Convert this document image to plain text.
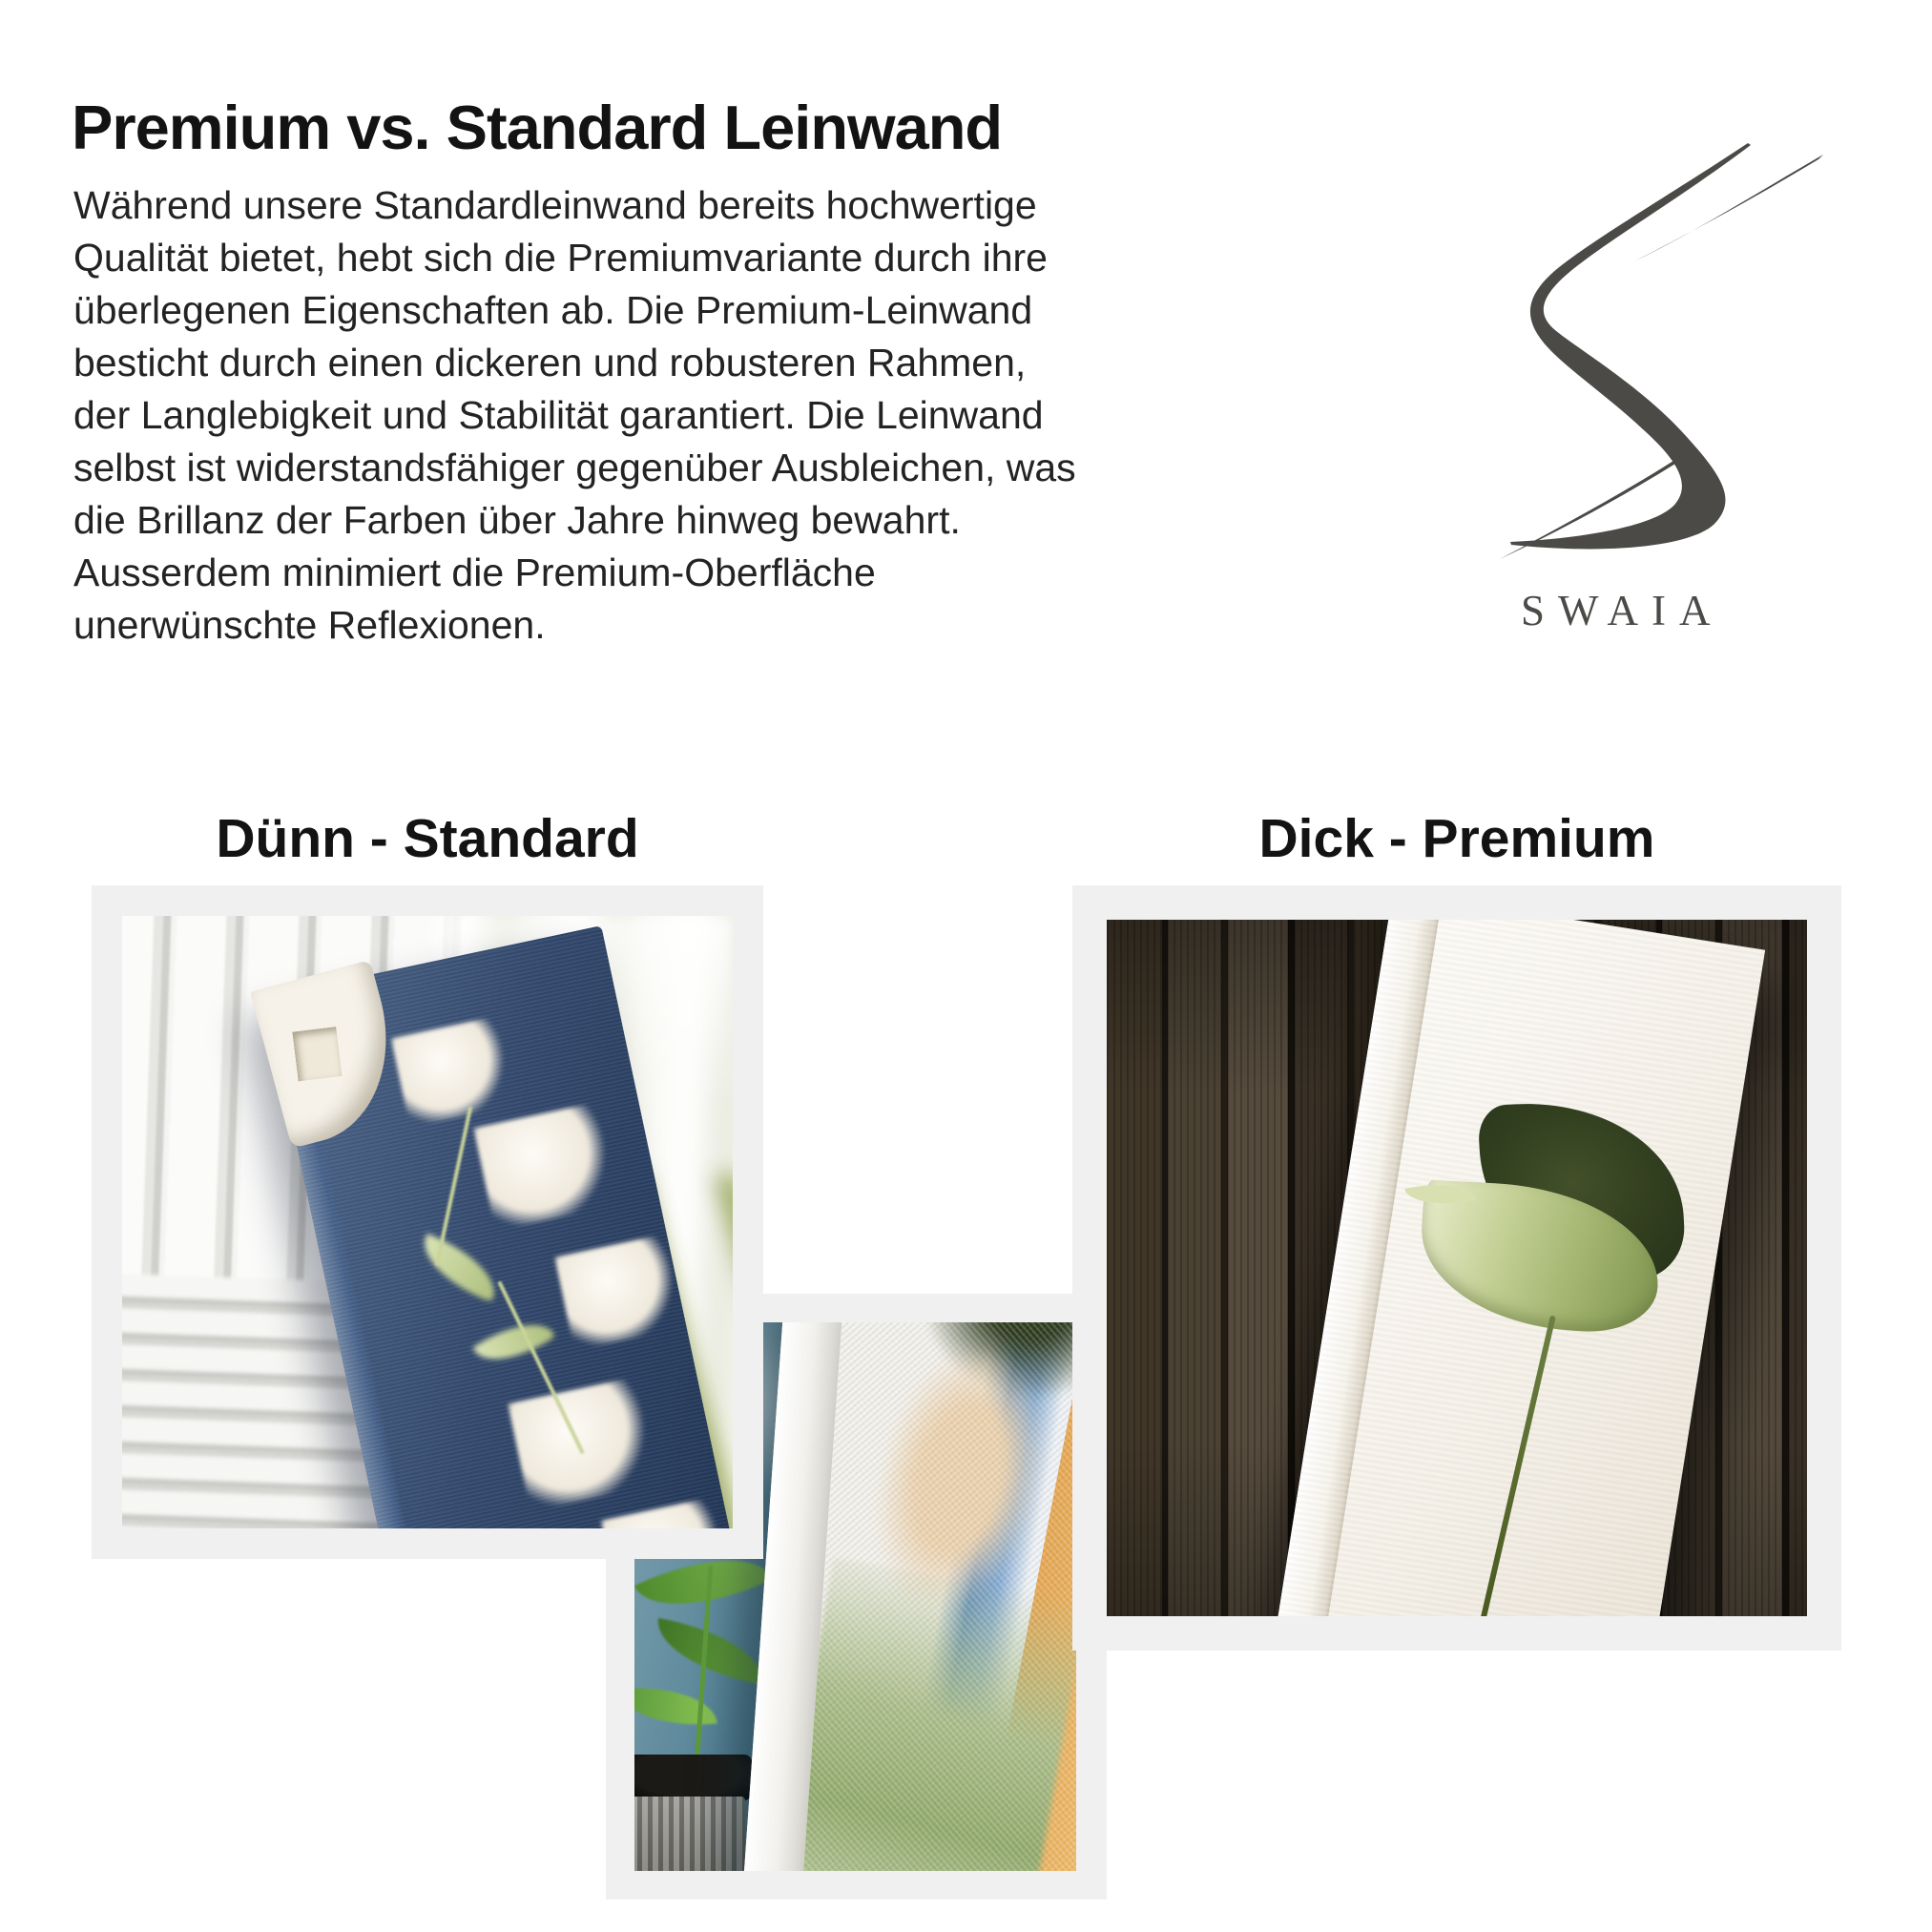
Premium vs. Standard Leinwand
Während unsere Standardleinwand bereits hochwertige
Qualität bietet, hebt sich die Premiumvariante durch ihre
überlegenen Eigenschaften ab. Die Premium-Leinwand
besticht durch einen dickeren und robusteren Rahmen,
der Langlebigkeit und Stabilität garantiert. Die Leinwand
selbst ist widerstandsfähiger gegenüber Ausbleichen, was
die Brillanz der Farben über Jahre hinweg bewahrt.
Ausserdem minimiert die Premium-Oberfläche
unerwünschte Reflexionen.	SWAIA
Dünn - Standard	Dick - Premium
